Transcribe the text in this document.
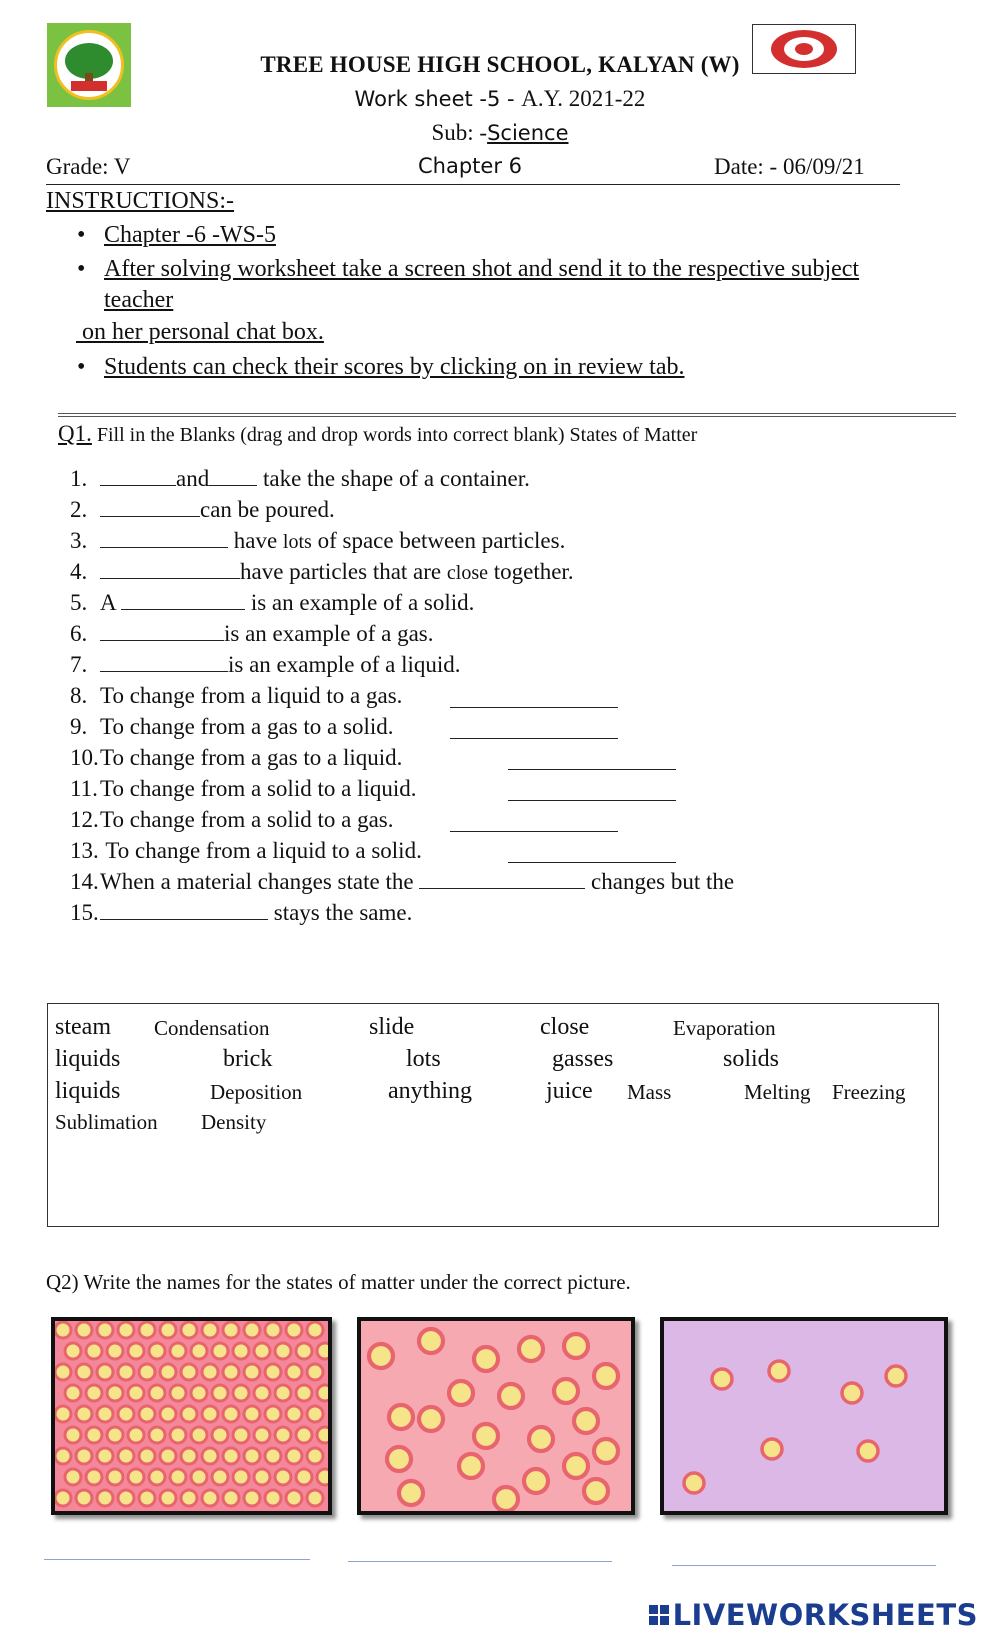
TREE HOUSE HIGH SCHOOL, KALYAN (W)
Work sheet -5 - A.Y. 2021-22
Sub: -Science
Grade: V	Chapter 6	Date: - 06/09/21
INSTRUCTIONS:-
• Chapter -6 -WS-5
• After solving worksheet take a screen shot and send it to the respective subject
teacher
on her personal chat box.
• Students can check their scores by clicking on in review tab.
Q1. Fill in the Blanks (drag and drop words into correct blank) States of Matter
1.	and take the shape of a container.
2.	can be poured.
3.	have lots of space between particles.
4.	have particles that are close together.
5. A	is an example of a solid.
6.	is an example of a gas.
7.	is an example of a liquid.
8. To change from a liquid to a gas.
9. To change from a gas to a solid.
10.To change from a gas to a liquid.
11.To change from a solid to a liquid.
12.To change from a solid to a gas.
13. To change from a liquid to a solid.
14.When a material changes state the	changes but the
15.	stays the same.
steam Condensation	slide	close	Evaporation
liquids	brick	lots	gasses	solids
liquids	Deposition	anything	juice Mass	Melting Freezing
Sublimation Density
Q2) Write the names for the states of matter under the correct picture.
LIVEWORKSHEETS
